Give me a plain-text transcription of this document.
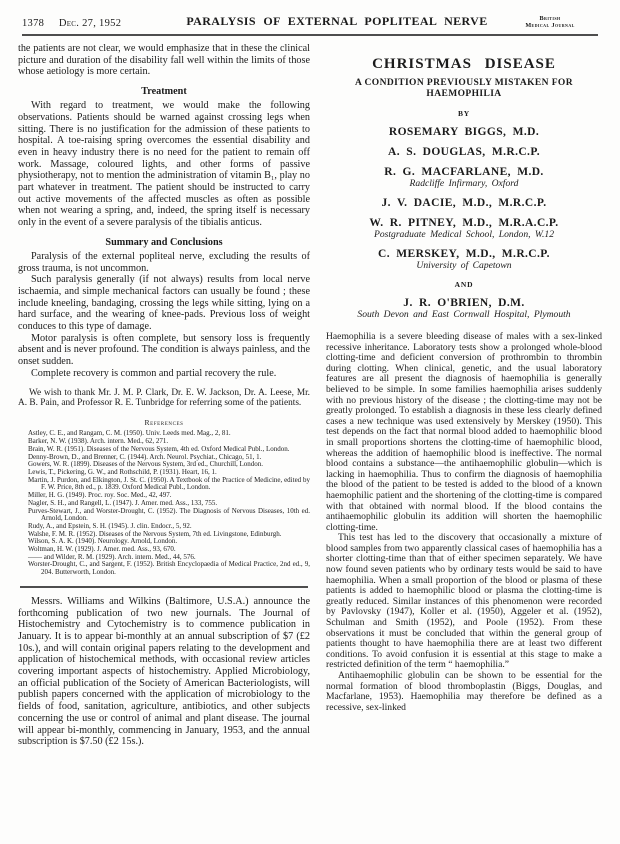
1378 Dec. 27, 1952	PARALYSIS OF EXTERNAL POPLITEAL NERVE	British
Medical Journal

the patients are not clear, we would emphasize that in these the clinical picture and duration of the disability fall well within the limits of those whose aetiology is more certain.

Treatment

With regard to treatment, we would make the following observations. Patients should be warned against crossing legs when sitting. There is no justification for the admission of these patients to hospital. A toe-raising spring overcomes the essential disability and even in heavy industry there is no need for the patient to remain off work. Massage, coloured lights, and other forms of passive physiotherapy, not to mention the administration of vitamin B₁, play no part whatever in treatment. The patient should be instructed to carry out active movements of the affected muscles as often as possible when not wearing a spring, and, indeed, the spring itself is necessary only in the event of a severe paralysis of the tibialis anticus.

Summary and Conclusions

Paralysis of the external popliteal nerve, excluding the results of gross trauma, is not uncommon.

Such paralysis generally (if not always) results from local nerve ischaemia, and simple mechanical factors can usually be found ; these include kneeling, bandaging, crossing the legs while sitting, lying on a hard surface, and the wearing of knee-pads. Previous loss of weight conduces to this type of damage.

Motor paralysis is often complete, but sensory loss is frequently absent and is never profound. The condition is always painless, and the onset sudden.

Complete recovery is common and partial recovery the rule.

We wish to thank Mr. J. M. P. Clark, Dr. E. W. Jackson, Dr. A. Leese, Mr. A. B. Pain, and Professor R. E. Tunbridge for referring some of the patients.

References
Astley, C. E., and Rangam, C. M. (1950). Univ. Leeds med. Mag., 2, 81.
Barker, N. W. (1938). Arch. intern. Med., 62, 271.
Brain, W. R. (1951). Diseases of the Nervous System, 4th ed. Oxford Medical Publ., London.
Denny-Brown, D., and Brenner, C. (1944). Arch. Neurol. Psychiat., Chicago, 51, 1.
Gowers, W. R. (1899). Diseases of the Nervous System, 3rd ed., Churchill, London.
Lewis, T., Pickering, G. W., and Rothschild, P. (1931). Heart, 16, 1.
Martin, J. Purdon, and Elkington, J. St. C. (1950). A Textbook of the Practice of Medicine, edited by F. W. Price, 8th ed., p. 1839. Oxford Medical Publ., London.
Miller, H. G. (1949). Proc. roy. Soc. Med., 42, 497.
Nagler, S. H., and Rangell, L. (1947). J. Amer. med. Ass., 133, 755.
Purves-Stewart, J., and Worster-Drought, C. (1952). The Diagnosis of Nervous Diseases, 10th ed. Arnold, London.
Rudy, A., and Epstein, S. H. (1945). J. clin. Endocr., 5, 92.
Walshe, F. M. R. (1952). Diseases of the Nervous System, 7th ed. Livingstone, Edinburgh.
Wilson, S. A. K. (1940). Neurology. Arnold, London.
Woltman, H. W. (1929). J. Amer. med. Ass., 93, 670.
—— and Wilder, R. M. (1929). Arch. intern. Med., 44, 576.
Worster-Drought, C., and Sargent, F. (1952). British Encyclopaedia of Medical Practice, 2nd ed., 9, 204. Butterworth, London.

Messrs. Williams and Wilkins (Baltimore, U.S.A.) announce the forthcoming publication of two new journals. The Journal of Histochemistry and Cytochemistry is to commence publication in January. It is to appear bi-monthly at an annual subscription of $7 (£2 10s.), and will contain original papers relating to the development and application of histochemical methods, with occasional review articles covering important aspects of histochemistry. Applied Microbiology, an official publication of the Society of American Bacteriologists, will publish papers concerned with the application of microbiology to the fields of food, sanitation, agriculture, antibiotics, and other subjects concerning the use or control of animal and plant disease. The journal will appear bi-monthly, commencing in January, 1953, and the annual subscription is $7.50 (£2 15s.).

CHRISTMAS DISEASE
A CONDITION PREVIOUSLY MISTAKEN FOR HAEMOPHILIA
BY
ROSEMARY BIGGS, M.D.
A. S. DOUGLAS, M.R.C.P.
R. G. MACFARLANE, M.D.
Radcliffe Infirmary, Oxford
J. V. DACIE, M.D., M.R.C.P.
W. R. PITNEY, M.D., M.R.A.C.P.
Postgraduate Medical School, London, W.12
C. MERSKEY, M.D., M.R.C.P.
University of Capetown
AND
J. R. O'BRIEN, D.M.
South Devon and East Cornwall Hospital, Plymouth

Haemophilia is a severe bleeding disease of males with a sex-linked recessive inheritance. Laboratory tests show a prolonged whole-blood clotting-time and deficient conversion of prothrombin to thrombin during clotting. When clinical, genetic, and the usual laboratory features are all present the diagnosis of haemophilia is generally believed to be simple. In some families haemophilia arises suddenly with no previous history of the disease ; the clotting-time may not be greatly prolonged. To establish a diagnosis in these less clearly defined cases a new technique was used extensively by Merskey (1950). This test depends on the fact that normal blood added to haemophilic blood in small proportions shortens the clotting-time of haemophilic blood, whereas the addition of haemophilic blood is ineffective. The normal blood contains a substance—the antihaemophilic globulin—which is lacking in haemophilia. Thus to confirm the diagnosis of haemophilia the blood of the patient to be tested is added to the blood of a known haemophilic patient and the shortening of the clotting-time is compared with that obtained with normal blood. If the blood contains the antihaemophilic globulin its addition will shorten the haemophilic clotting-time.

This test has led to the discovery that occasionally a mixture of blood samples from two apparently classical cases of haemophilia has a shorter clotting-time than that of either specimen separately. We have now found seven patients who by ordinary tests would be said to have haemophilia. When a small proportion of the blood or plasma of these patients is added to haemophilic blood or plasma the clotting-time is greatly reduced. Similar instances of this phenomenon were recorded by Pavlovsky (1947), Koller et al. (1950), Aggeler et al. (1952), Schulman and Smith (1952), and Poole (1952). From these observations it must be concluded that within the general group of patients thought to have haemophilia there are at least two different conditions. To avoid confusion it is essential at this stage to make a restricted definition of the term “ haemophilia.”

Antihaemophilic globulin can be shown to be essential for the normal formation of blood thromboplastin (Biggs, Douglas, and Macfarlane, 1953). Haemophilia may therefore be defined as a recessive, sex-linked
